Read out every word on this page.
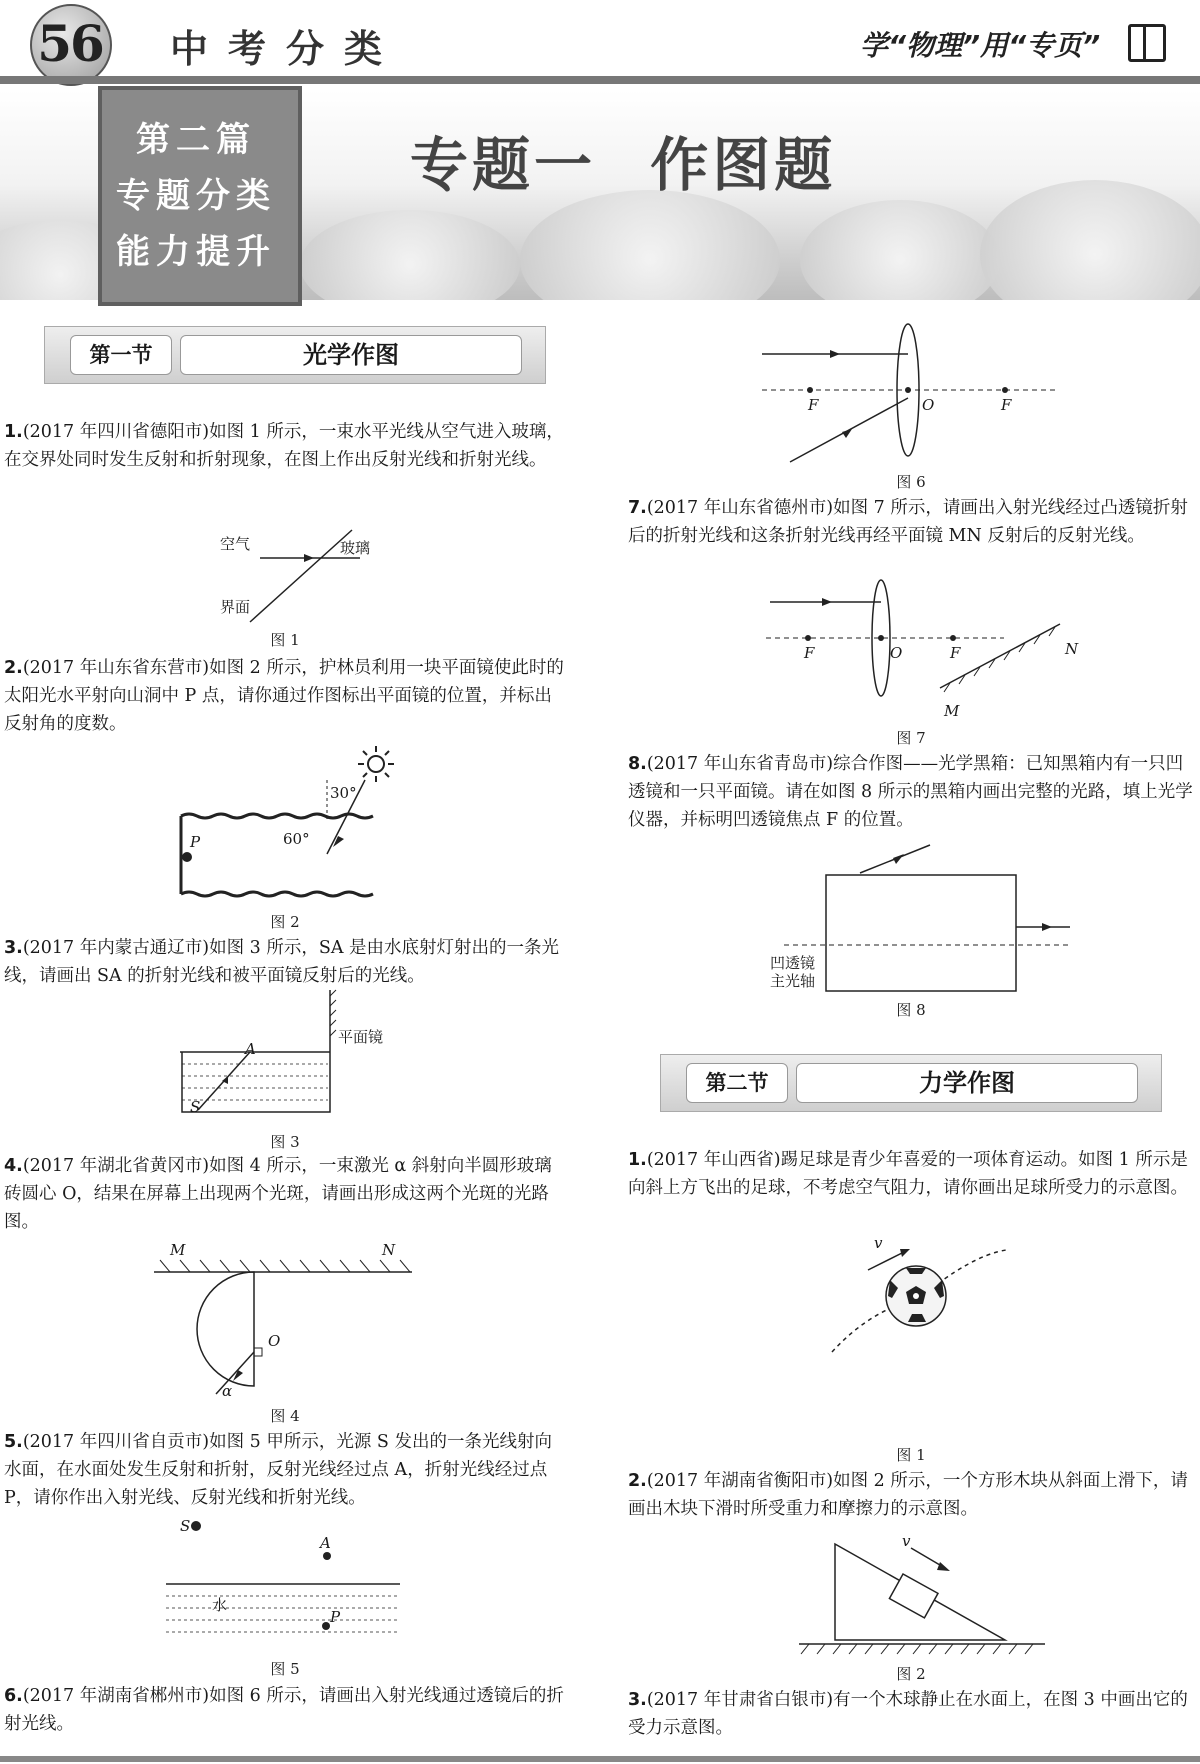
56 中考分类	学“物理”用“专页”
第二篇
专题分类
能力提升
专题一 作图题
第一节	光学作图
1.(2017 年四川省德阳市)如图 1 所示，一束水平光线从空气进入玻璃，在交界处同时发生反射和折射现象，在图上作出反射光线和折射光线。
空气	玻璃
界面
图 1
2.(2017 年山东省东营市)如图 2 所示，护林员利用一块平面镜使此时的太阳光水平射向山洞中 P 点，请你通过作图标出平面镜的位置，并标出反射角的度数。
P
30°
60°
图 2
3.(2017 年内蒙古通辽市)如图 3 所示，SA 是由水底射灯射出的一条光线，请画出 SA 的折射光线和被平面镜反射后的光线。
平面镜
A
S
图 3
4.(2017 年湖北省黄冈市)如图 4 所示，一束激光 α 斜射向半圆形玻璃砖圆心 O，结果在屏幕上出现两个光斑，请画出形成这两个光斑的光路图。
M	N
O
α
图 4
5.(2017 年四川省自贡市)如图 5 甲所示，光源 S 发出的一条光线射向水面，在水面处发生反射和折射，反射光线经过点 A，折射光线经过点 P，请你作出入射光线、反射光线和折射光线。
S
A
水
P
图 5
6.(2017 年湖南省郴州市)如图 6 所示，请画出入射光线通过透镜后的折射光线。
F	O	F
图 6
7.(2017 年山东省德州市)如图 7 所示，请画出入射光线经过凸透镜折射后的折射光线和这条折射光线再经平面镜 MN 反射后的反射光线。
F	O	F	N
M
图 7
8.(2017 年山东省青岛市)综合作图——光学黑箱：已知黑箱内有一只凹透镜和一只平面镜。请在如图 8 所示的黑箱内画出完整的光路，填上光学仪器，并标明凹透镜焦点 F 的位置。
凹透镜
主光轴
图 8
第二节	力学作图
1.(2017 年山西省)踢足球是青少年喜爱的一项体育运动。如图 1 所示是向斜上方飞出的足球，不考虑空气阻力，请你画出足球所受力的示意图。
v
图 1
2.(2017 年湖南省衡阳市)如图 2 所示，一个方形木块从斜面上滑下，请画出木块下滑时所受重力和摩擦力的示意图。
v
图 2
3.(2017 年甘肃省白银市)有一个木球静止在水面上，在图 3 中画出它的受力示意图。
